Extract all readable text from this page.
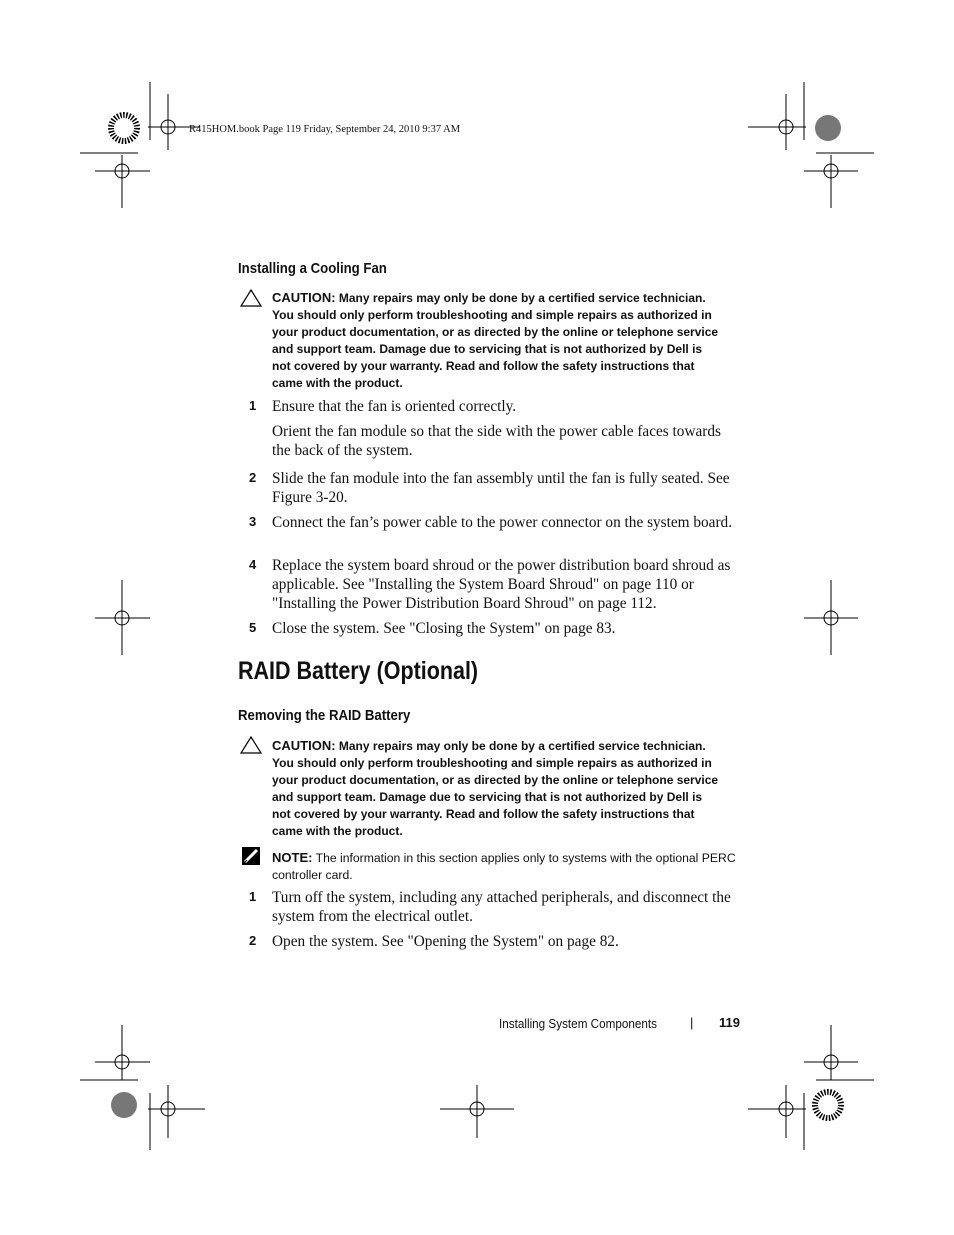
R415HOM.book Page 119 Friday, September 24, 2010 9:37 AM
Installing a Cooling Fan
CAUTION: Many repairs may only be done by a certified service technician. You should only perform troubleshooting and simple repairs as authorized in your product documentation, or as directed by the online or telephone service and support team. Damage due to servicing that is not authorized by Dell is not covered by your warranty. Read and follow the safety instructions that came with the product.
1 Ensure that the fan is oriented correctly.
Orient the fan module so that the side with the power cable faces towards the back of the system.
2 Slide the fan module into the fan assembly until the fan is fully seated. See Figure 3-20.
3 Connect the fan’s power cable to the power connector on the system board.
4 Replace the system board shroud or the power distribution board shroud as applicable. See "Installing the System Board Shroud" on page 110 or "Installing the Power Distribution Board Shroud" on page 112.
5 Close the system. See "Closing the System" on page 83.
RAID Battery (Optional)
Removing the RAID Battery
CAUTION: Many repairs may only be done by a certified service technician. You should only perform troubleshooting and simple repairs as authorized in your product documentation, or as directed by the online or telephone service and support team. Damage due to servicing that is not authorized by Dell is not covered by your warranty. Read and follow the safety instructions that came with the product.
NOTE: The information in this section applies only to systems with the optional PERC controller card.
1 Turn off the system, including any attached peripherals, and disconnect the system from the electrical outlet.
2 Open the system. See "Opening the System" on page 82.
Installing System Components	| 119
